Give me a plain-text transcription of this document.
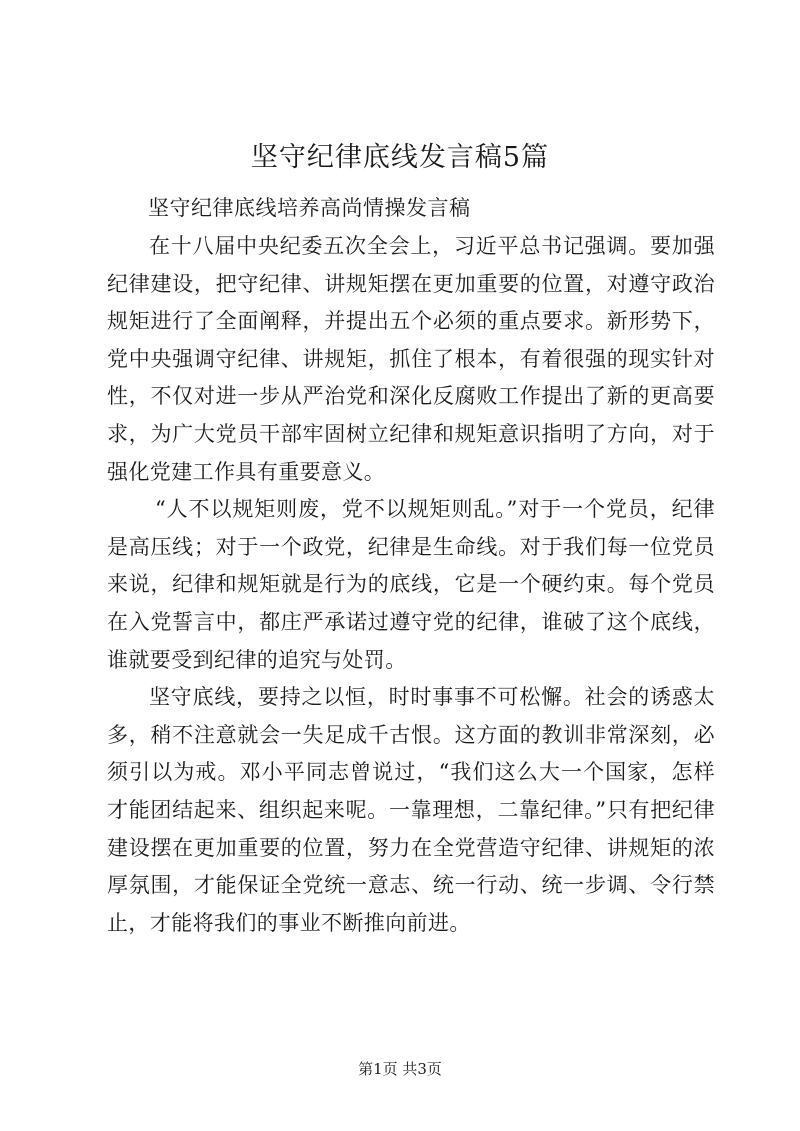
坚守纪律底线发言稿5篇

坚守纪律底线培养高尚情操发言稿

在十八届中央纪委五次全会上，习近平总书记强调。要加强纪律建设，把守纪律、讲规矩摆在更加重要的位置，对遵守政治规矩进行了全面阐释，并提出五个必须的重点要求。新形势下，党中央强调守纪律、讲规矩，抓住了根本，有着很强的现实针对性，不仅对进一步从严治党和深化反腐败工作提出了新的更高要求，为广大党员干部牢固树立纪律和规矩意识指明了方向，对于强化党建工作具有重要意义。

“人不以规矩则废，党不以规矩则乱。”对于一个党员，纪律是高压线；对于一个政党，纪律是生命线。对于我们每一位党员来说，纪律和规矩就是行为的底线，它是一个硬约束。每个党员在入党誓言中，都庄严承诺过遵守党的纪律，谁破了这个底线，谁就要受到纪律的追究与处罚。

坚守底线，要持之以恒，时时事事不可松懈。社会的诱惑太多，稍不注意就会一失足成千古恨。这方面的教训非常深刻，必须引以为戒。邓小平同志曾说过，“我们这么大一个国家，怎样才能团结起来、组织起来呢。一靠理想，二靠纪律。”只有把纪律建设摆在更加重要的位置，努力在全党营造守纪律、讲规矩的浓厚氛围，才能保证全党统一意志、统一行动、统一步调、令行禁止，才能将我们的事业不断推向前进。

第1页 共3页
